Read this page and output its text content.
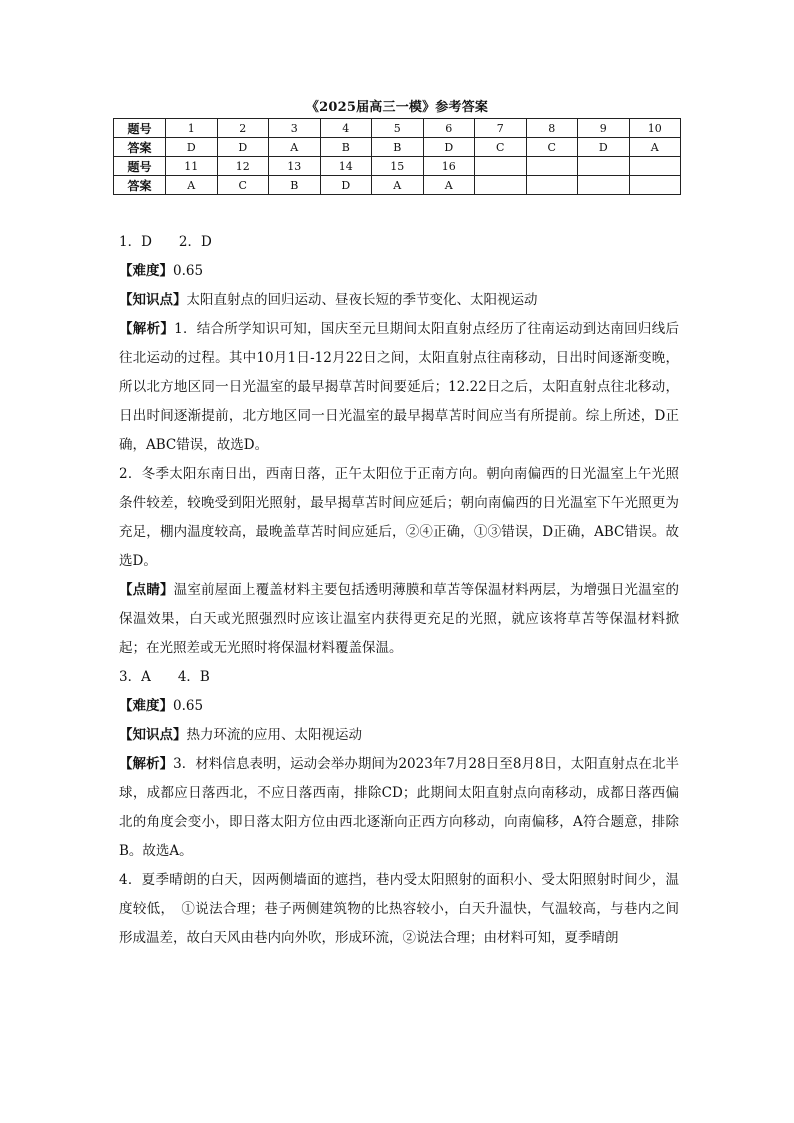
《2025届高三一模》参考答案
题号	1	2	3	4	5	6	7	8	9	10
答案	D	D	A	B	B	D	C	C	D	A
题号	11	12	13	14	15	16				
答案	A	C	B	D	A	A				

1．D　　2．D

【难度】0.65

【知识点】太阳直射点的回归运动、昼夜长短的季节变化、太阳视运动

【解析】1．结合所学知识可知，国庆至元旦期间太阳直射点经历了往南运动到达南回归线后往北运动的过程。其中10月1日-12月22日之间，太阳直射点往南移动，日出时间逐渐变晚，所以北方地区同一日光温室的最早揭草苫时间要延后；12.22日之后，太阳直射点往北移动，日出时间逐渐提前，北方地区同一日光温室的最早揭草苫时间应当有所提前。综上所述，D正确，ABC错误，故选D。

2．冬季太阳东南日出，西南日落，正午太阳位于正南方向。朝向南偏西的日光温室上午光照条件较差，较晚受到阳光照射，最早揭草苫时间应延后；朝向南偏西的日光温室下午光照更为充足，棚内温度较高，最晚盖草苫时间应延后，②④正确，①③错误，D正确，ABC错误。故选D。

【点睛】温室前屋面上覆盖材料主要包括透明薄膜和草苫等保温材料两层，为增强日光温室的保温效果，白天或光照强烈时应该让温室内获得更充足的光照，就应该将草苫等保温材料掀起；在光照差或无光照时将保温材料覆盖保温。

3．A　　4．B

【难度】0.65

【知识点】热力环流的应用、太阳视运动

【解析】3．材料信息表明，运动会举办期间为2023年7月28日至8月8日，太阳直射点在北半球，成都应日落西北，不应日落西南，排除CD；此期间太阳直射点向南移动，成都日落西偏北的角度会变小，即日落太阳方位由西北逐渐向正西方向移动，向南偏移，A符合题意，排除B。故选A。

4．夏季晴朗的白天，因两侧墙面的遮挡，巷内受太阳照射的面积小、受太阳照射时间少，温度较低，　①说法合理；巷子两侧建筑物的比热容较小，白天升温快，气温较高，与巷内之间形成温差，故白天风由巷内向外吹，形成环流，②说法合理；由材料可知，夏季晴朗
